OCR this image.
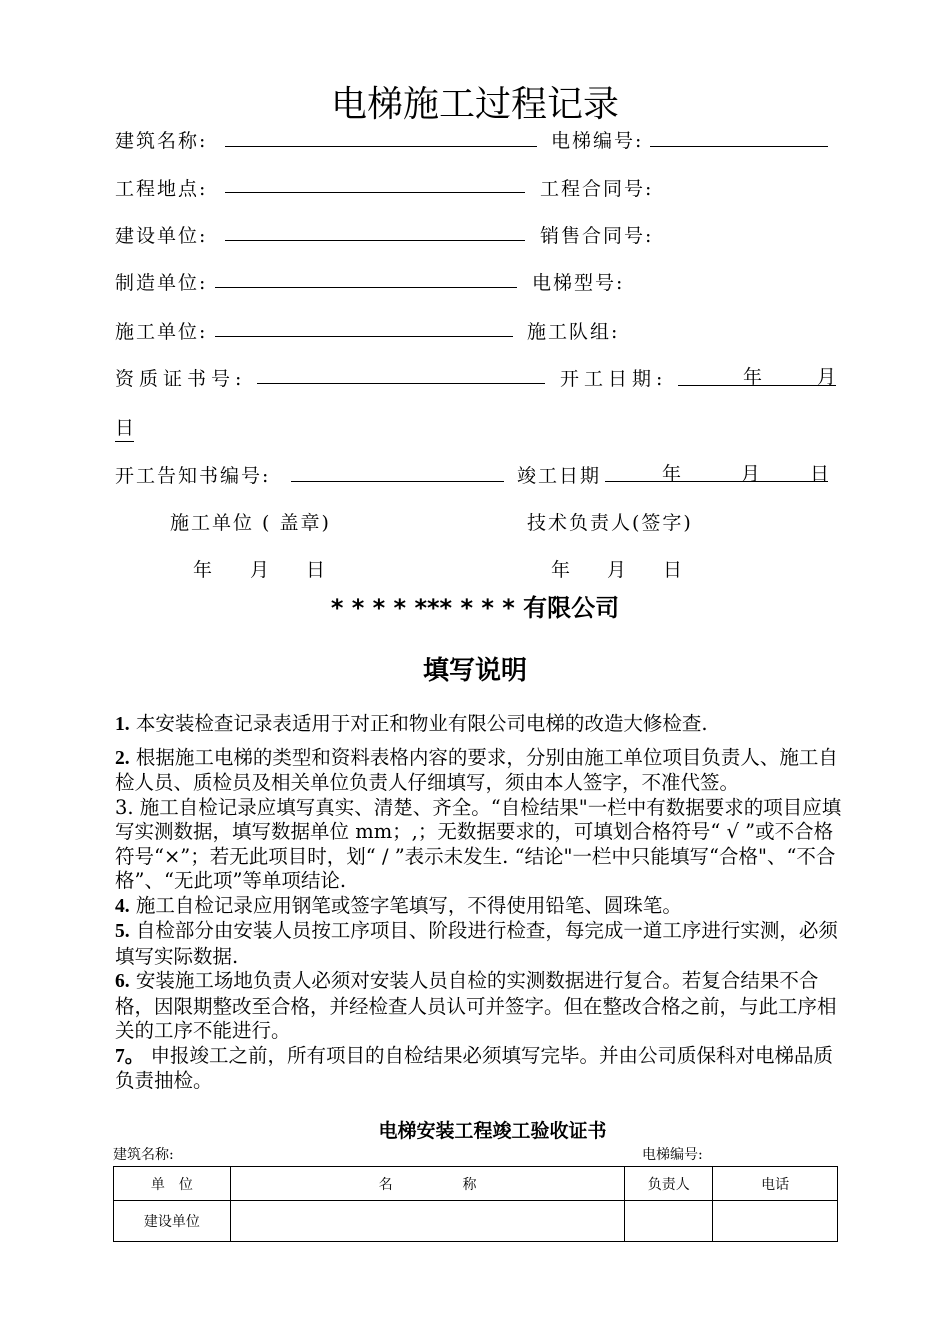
电梯施工过程记录
建筑名称:	电梯编号:
工程地点:	工程合同号:
建设单位:	销售合同号:
制造单位:	电梯型号:
施工单位:	施工队组:
资质证书号:	开工日期:	年	月
日
开工告知书编号:	竣工日期	年	月	日
施工单位 ( 盖章)	技术负责人(签字)
年 月 日	年 月 日
* * * * *** * * * 有限公司
填写说明

1. 本安装检查记录表适用于对正和物业有限公司电梯的改造大修检查.

2. 根据施工电梯的类型和资料表格内容的要求，分别由施工单位项目负责人、施工自检人员、质检员及相关单位负责人仔细填写，须由本人签字，不准代签。

3. 施工自检记录应填写真实、清楚、齐全。“自检结果"一栏中有数据要求的项目应填写实测数据，填写数据单位 mm；,；无数据要求的，可填划合格符号“ √ ”或不合格符号“×”；若无此项目时，划“ / ”表示未发生. “结论"一栏中只能填写“合格"、“不合格”、“无此项”等单项结论.

4. 施工自检记录应用钢笔或签字笔填写，不得使用铅笔、圆珠笔。

5. 自检部分由安装人员按工序项目、阶段进行检查，每完成一道工序进行实测，必须填写实际数据.

6. 安装施工场地负责人必须对安装人员自检的实测数据进行复合。若复合结果不合格，因限期整改至合格，并经检查人员认可并签字。但在整改合格之前，与此工序相关的工序不能进行。

7。 申报竣工之前，所有项目的自检结果必须填写完毕。并由公司质保科对电梯品质负责抽检。

电梯安装工程竣工验收证书
建筑名称:	电梯编号:
单　位	名　　　　　称	负责人	电话
建设单位			
